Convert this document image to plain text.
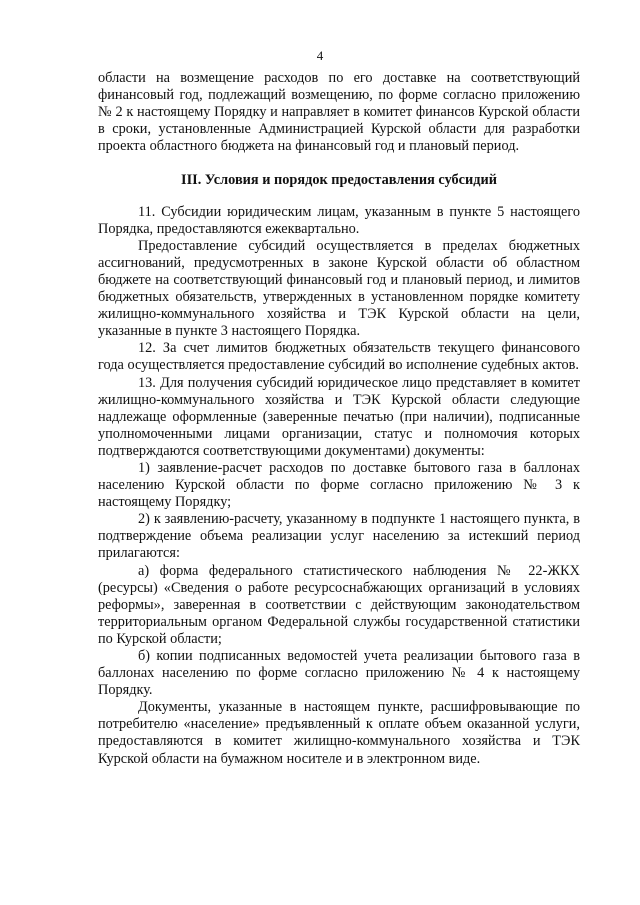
4

области на возмещение расходов по его доставке на соответствующий финансовый год, подлежащий возмещению, по форме согласно приложению № 2 к настоящему Порядку и направляет в комитет финансов Курской области в сроки, установленные Администрацией Курской области для разработки проекта областного бюджета на финансовый год и плановый период.

III. Условия и порядок предоставления субсидий

11. Субсидии юридическим лицам, указанным в пункте 5 настоящего Порядка, предоставляются ежеквартально.

Предоставление субсидий осуществляется в пределах бюджетных ассигнований, предусмотренных в законе Курской области об областном бюджете на соответствующий финансовый год и плановый период, и лимитов бюджетных обязательств, утвержденных в установленном порядке комитету жилищно-коммунального хозяйства и ТЭК Курской области на цели, указанные в пункте 3 настоящего Порядка.

12. За счет лимитов бюджетных обязательств текущего финансового года осуществляется предоставление субсидий во исполнение судебных актов.

13. Для получения субсидий юридическое лицо представляет в комитет жилищно-коммунального хозяйства и ТЭК Курской области следующие надлежаще оформленные (заверенные печатью (при наличии), подписанные уполномоченными лицами организации, статус и полномочия которых подтверждаются соответствующими документами) документы:

1) заявление-расчет расходов по доставке бытового газа в баллонах населению Курской области по форме согласно приложению № 3 к настоящему Порядку;

2) к заявлению-расчету, указанному в подпункте 1 настоящего пункта, в подтверждение объема реализации услуг населению за истекший период прилагаются:

а) форма федерального статистического наблюдения № 22-ЖКХ (ресурсы) «Сведения о работе ресурсоснабжающих организаций в условиях реформы», заверенная в соответствии с действующим законодательством территориальным органом Федеральной службы государственной статистики по Курской области;

б) копии подписанных ведомостей учета реализации бытового газа в баллонах населению по форме согласно приложению № 4 к настоящему Порядку.

Документы, указанные в настоящем пункте, расшифровывающие по потребителю «население» предъявленный к оплате объем оказанной услуги, предоставляются в комитет жилищно-коммунального хозяйства и ТЭК Курской области на бумажном носителе и в электронном виде.
